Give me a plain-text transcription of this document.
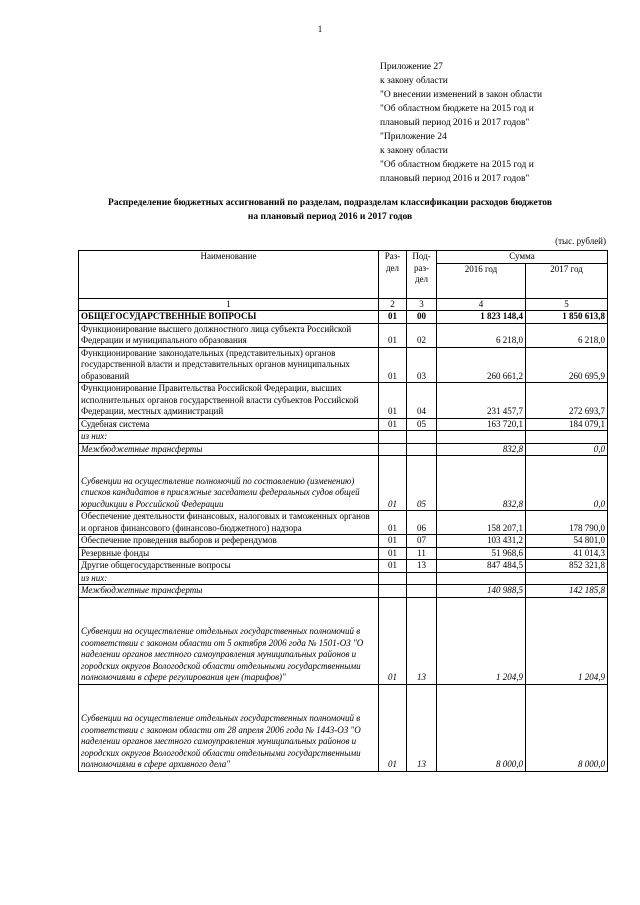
1
Приложение 27
к закону области
"О внесении изменений в закон области
"Об областном бюджете на 2015 год и
плановый период 2016 и 2017 годов"
"Приложение 24
к закону области
"Об областном бюджете на 2015 год и
плановый период 2016 и 2017 годов"
Распределение бюджетных ассигнований по разделам, подразделам классификации расходов бюджетов
на плановый период 2016 и 2017 годов
(тыс. рублей)
Наименование	Раз-дел	Под-раз-дел	Сумма	
			2016 год	2017 год
1	2	3	4	5
ОБЩЕГОСУДАРСТВЕННЫЕ ВОПРОСЫ	01	00	1 823 148,4	1 850 613,8
Функционирование высшего должностного лица субъекта Российской Федерации и муниципального образования	01	02	6 218,0	6 218,0
Функционирование законодательных (представительных) органов государственной власти и представительных органов муниципальных образований	01	03	260 661,2	260 695,9
Функционирование Правительства Российской Федерации, высших исполнительных органов государственной власти субъектов Российской Федерации, местных администраций	01	04	231 457,7	272 693,7
Судебная система	01	05	163 720,1	184 079,1
из них:				
Межбюджетные трансферты			832,8	0,0
Субвенции на осуществление полномочий по составлению (изменению) списков кандидатов в присяжные заседатели федеральных судов общей юрисдикции в Российской Федерации	01	05	832,8	0,0
Обеспечение деятельности финансовых, налоговых и таможенных органов и органов финансового (финансово-бюджетного) надзора	01	06	158 207,1	178 790,0
Обеспечение проведения выборов и референдумов	01	07	103 431,2	54 801,0
Резервные фонды	01	11	51 968,6	41 014,3
Другие общегосударственные вопросы	01	13	847 484,5	852 321,8
из них:				
Межбюджетные трансферты			140 988,5	142 185,8
Субвенции на осуществление отдельных государственных полномочий в соответствии с законом области от 5 октября 2006 года № 1501-ОЗ "О наделении органов местного самоуправления муниципальных районов и городских округов Вологодской области отдельными государственными полномочиями в сфере регулирования цен (тарифов)"	01	13	1 204,9	1 204,9
Субвенции на осуществление отдельных государственных полномочий в соответствии с законом области от 28 апреля 2006 года № 1443-ОЗ "О наделении органов местного самоуправления муниципальных районов и городских округов Вологодской области отдельными государственными полномочиями в сфере архивного дела"	01	13	8 000,0	8 000,0
